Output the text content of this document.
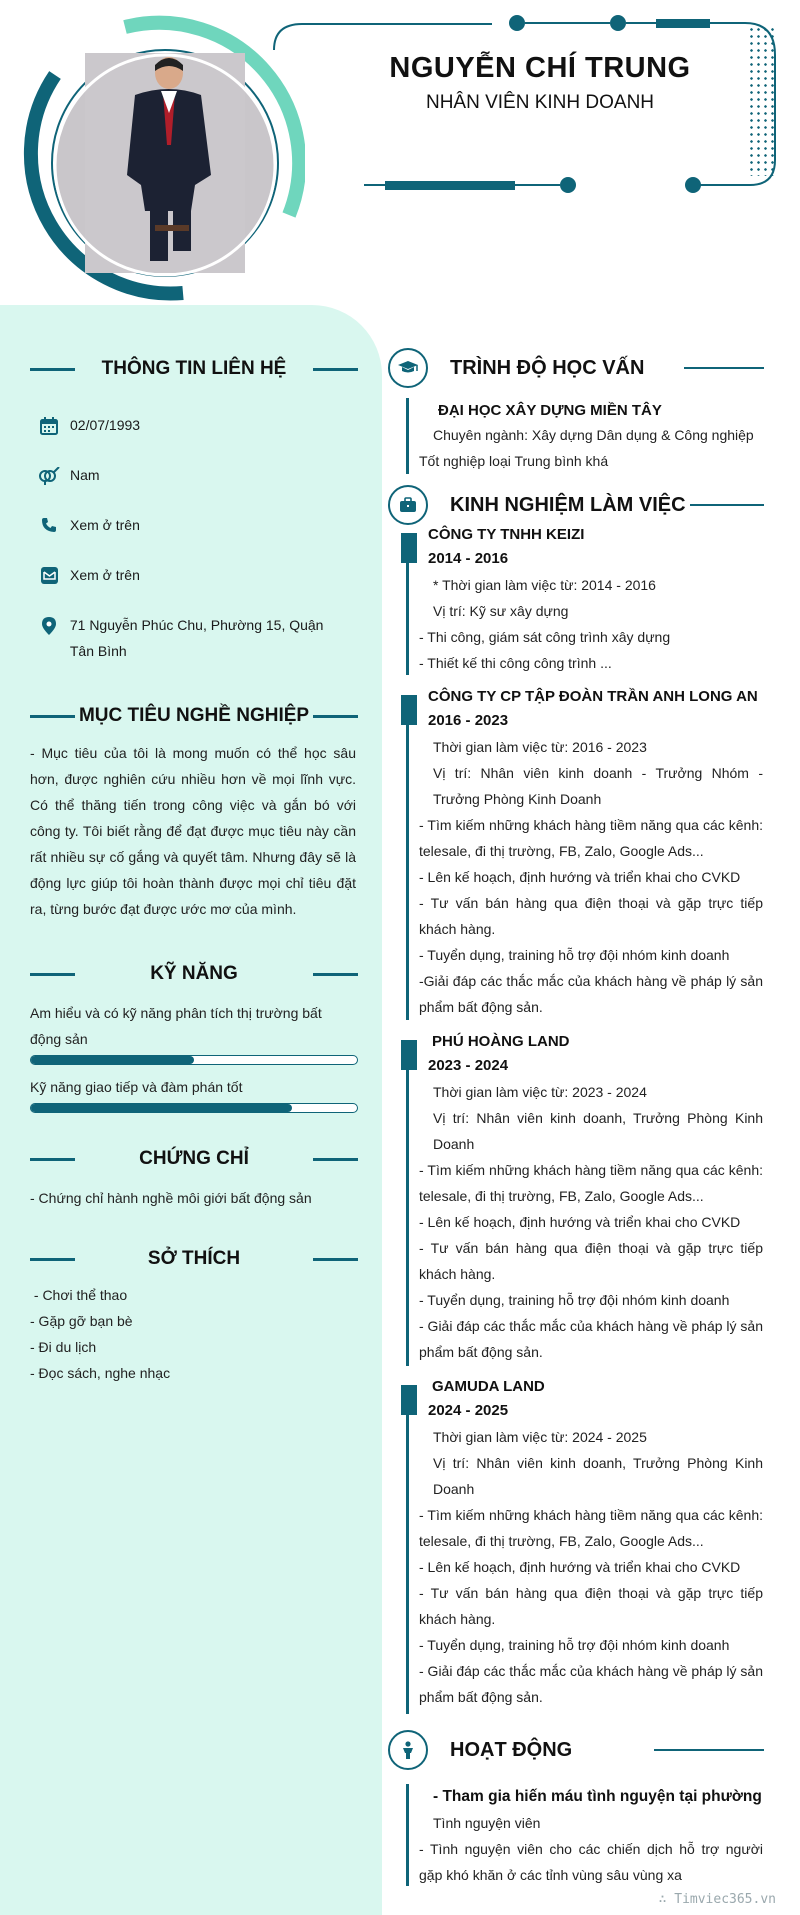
NGUYỄN CHÍ TRUNG
NHÂN VIÊN KINH DOANH
THÔNG TIN LIÊN HỆ
02/07/1993
Nam
Xem ở trên
Xem ở trên
71 Nguyễn Phúc Chu, Phường 15, Quận Tân Bình
MỤC TIÊU NGHỀ NGHIỆP
- Mục tiêu của tôi là mong muốn có thể học sâu hơn, được nghiên cứu nhiều hơn về mọi lĩnh vực. Có thể thăng tiến trong công việc và gắn bó với công ty. Tôi biết rằng để đạt được mục tiêu này cần rất nhiều sự cố gắng và quyết tâm. Nhưng đây sẽ là động lực giúp tôi hoàn thành được mọi chỉ tiêu đặt ra, từng bước đạt được ước mơ của mình.
KỸ NĂNG
Am hiểu và có kỹ năng phân tích thị trường bất động sản
Kỹ năng giao tiếp và đàm phán tốt
CHỨNG CHỈ
- Chứng chỉ hành nghề môi giới bất động sản
SỞ THÍCH
- Chơi thể thao
- Gặp gỡ bạn bè
- Đi du lịch
- Đọc sách, nghe nhạc
TRÌNH ĐỘ HỌC VẤN
ĐẠI HỌC XÂY DỰNG MIỀN TÂY
Chuyên ngành: Xây dựng Dân dụng & Công nghiệp
Tốt nghiệp loại Trung bình khá
KINH NGHIỆM LÀM VIỆC
CÔNG TY TNHH KEIZI
2014 - 2016
* Thời gian làm việc từ: 2014 - 2016
Vị trí: Kỹ sư xây dựng
- Thi công, giám sát công trình xây dựng
- Thiết kế thi công công trình ...
CÔNG TY CP TẬP ĐOÀN TRẦN ANH LONG AN
2016 - 2023
Thời gian làm việc từ: 2016 - 2023
Vị trí: Nhân viên kinh doanh - Trưởng Nhóm - Trưởng Phòng Kinh Doanh
- Tìm kiếm những khách hàng tiềm năng qua các kênh: telesale, đi thị trường, FB, Zalo, Google Ads...
- Lên kế hoạch, định hướng và triển khai cho CVKD
- Tư vấn bán hàng qua điện thoại và gặp trực tiếp khách hàng.
- Tuyển dụng, training hỗ trợ đội nhóm kinh doanh
-Giải đáp các thắc mắc của khách hàng về pháp lý sản phẩm bất động sản.
PHÚ HOÀNG LAND
2023 - 2024
Thời gian làm việc từ: 2023 - 2024
Vị trí: Nhân viên kinh doanh, Trưởng Phòng Kinh Doanh
- Tìm kiếm những khách hàng tiềm năng qua các kênh: telesale, đi thị trường, FB, Zalo, Google Ads...
- Lên kế hoạch, định hướng và triển khai cho CVKD
- Tư vấn bán hàng qua điện thoại và gặp trực tiếp khách hàng.
- Tuyển dụng, training hỗ trợ đội nhóm kinh doanh
- Giải đáp các thắc mắc của khách hàng về pháp lý sản phẩm bất động sản.
GAMUDA LAND
2024 - 2025
Thời gian làm việc từ: 2024 - 2025
Vị trí: Nhân viên kinh doanh, Trưởng Phòng Kinh Doanh
- Tìm kiếm những khách hàng tiềm năng qua các kênh: telesale, đi thị trường, FB, Zalo, Google Ads...
- Lên kế hoạch, định hướng và triển khai cho CVKD
- Tư vấn bán hàng qua điện thoại và gặp trực tiếp khách hàng.
- Tuyển dụng, training hỗ trợ đội nhóm kinh doanh
- Giải đáp các thắc mắc của khách hàng về pháp lý sản phẩm bất động sản.
HOẠT ĐỘNG
- Tham gia hiến máu tình nguyện tại phường
Tình nguyện viên
- Tình nguyện viên cho các chiến dịch hỗ trợ người gặp khó khăn ở các tỉnh vùng sâu vùng xa
∴ Timviec365.vn
